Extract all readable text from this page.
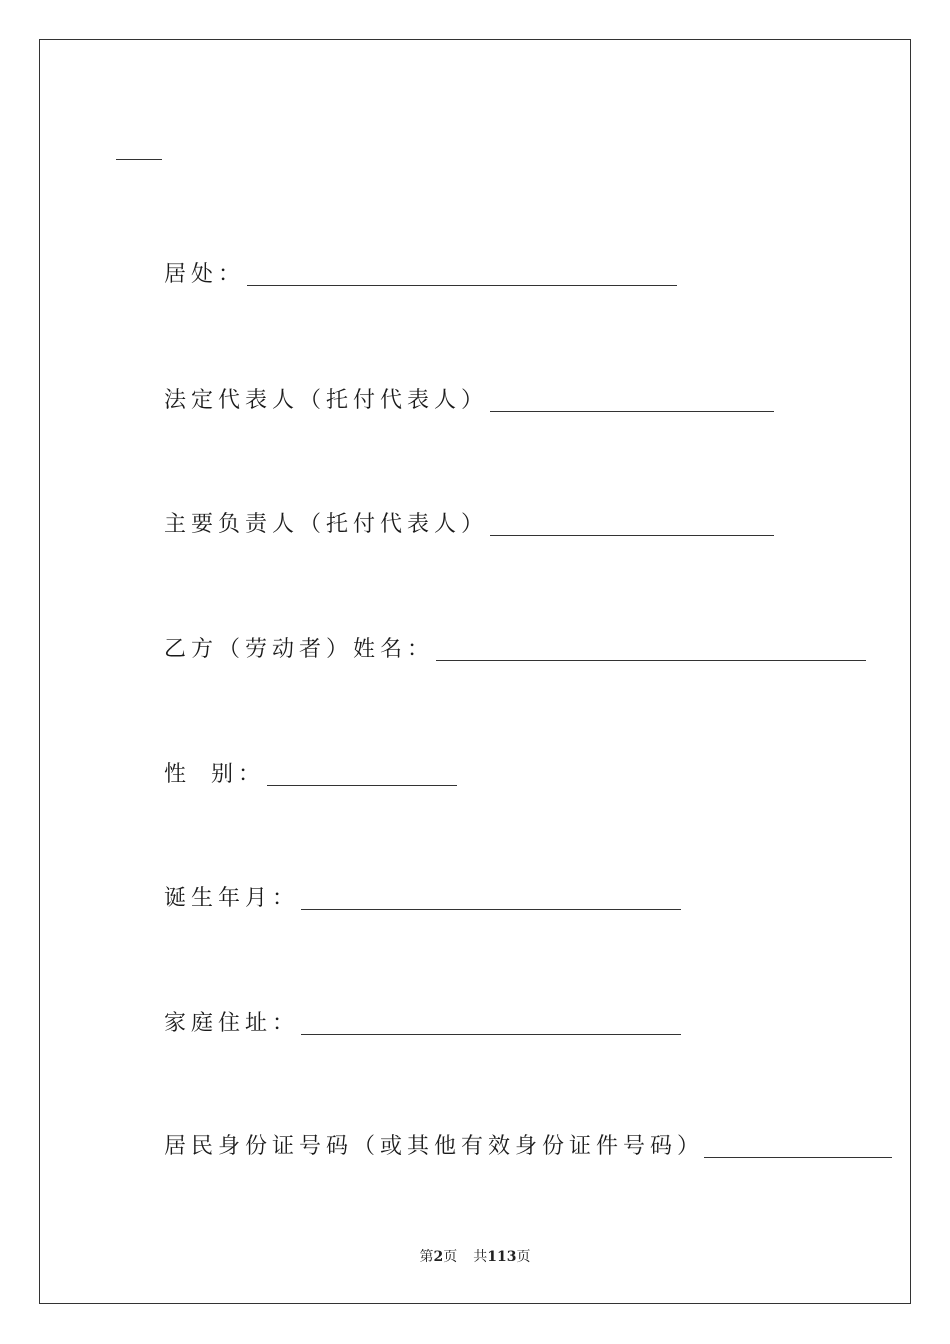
居处：
法定代表人（托付代表人）
主要负责人（托付代表人）
乙方（劳动者）姓名：
性 别：
诞生年月：
家庭住址：
居民身份证号码（或其他有效身份证件号码）
第2页 共113页
